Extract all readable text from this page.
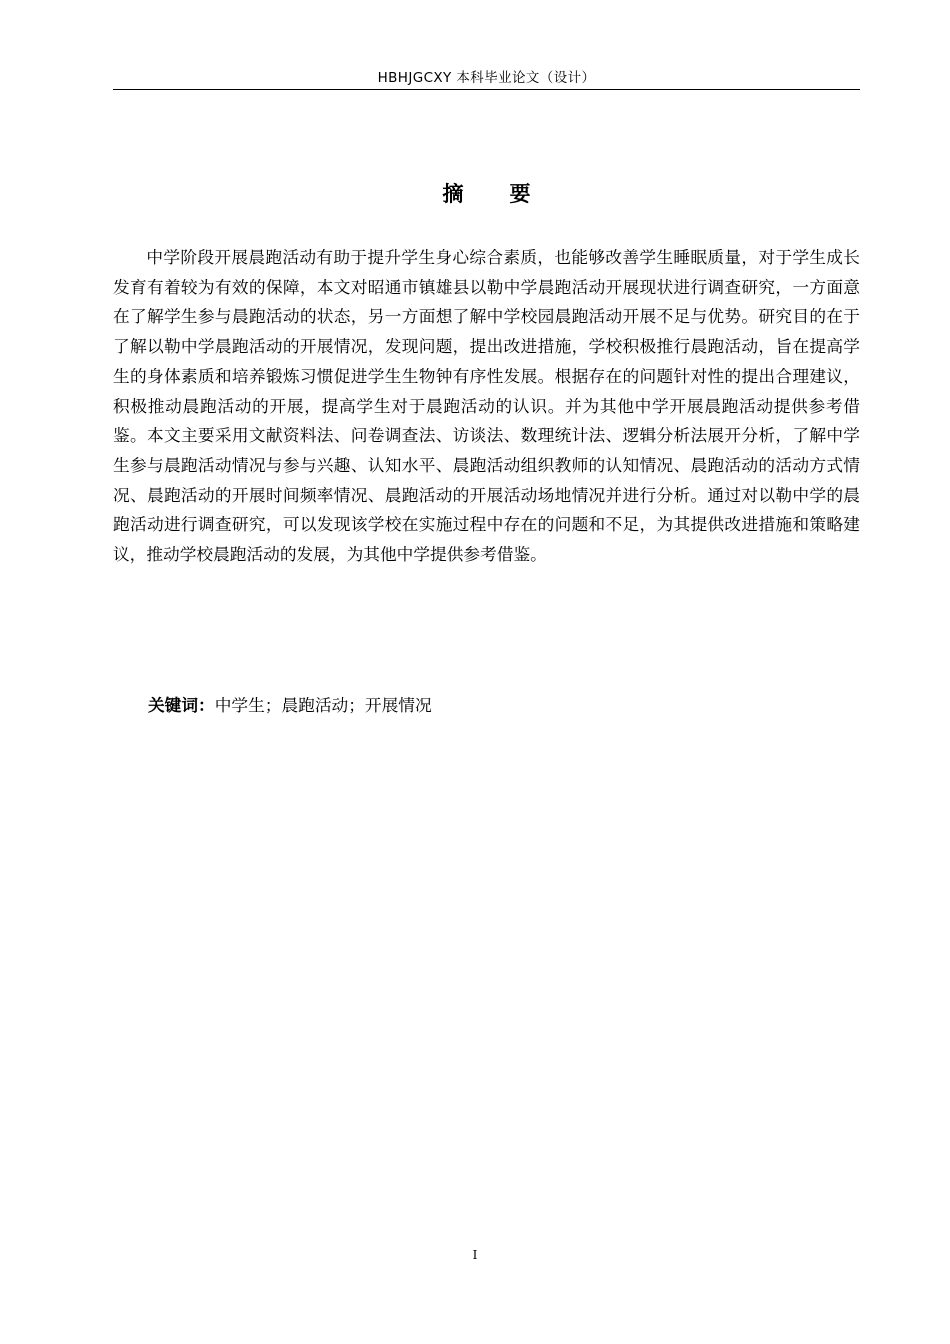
HBHJGCXY 本科毕业论文（设计）
摘 要

中学阶段开展晨跑活动有助于提升学生身心综合素质，也能够改善学生睡眠质量，对于学生成长发育有着较为有效的保障，本文对昭通市镇雄县以勒中学晨跑活动开展现状进行调查研究，一方面意在了解学生参与晨跑活动的状态，另一方面想了解中学校园晨跑活动开展不足与优势。研究目的在于了解以勒中学晨跑活动的开展情况，发现问题，提出改进措施，学校积极推行晨跑活动，旨在提高学生的身体素质和培养锻炼习惯促进学生生物钟有序性发展。根据存在的问题针对性的提出合理建议，积极推动晨跑活动的开展，提高学生对于晨跑活动的认识。并为其他中学开展晨跑活动提供参考借鉴。本文主要采用文献资料法、问卷调查法、访谈法、数理统计法、逻辑分析法展开分析，了解中学生参与晨跑活动情况与参与兴趣、认知水平、晨跑活动组织教师的认知情况、晨跑活动的活动方式情况、晨跑活动的开展时间频率情况、晨跑活动的开展活动场地情况并进行分析。通过对以勒中学的晨跑活动进行调查研究，可以发现该学校在实施过程中存在的问题和不足，为其提供改进措施和策略建议，推动学校晨跑活动的发展，为其他中学提供参考借鉴。

关键词：中学生；晨跑活动；开展情况
I
